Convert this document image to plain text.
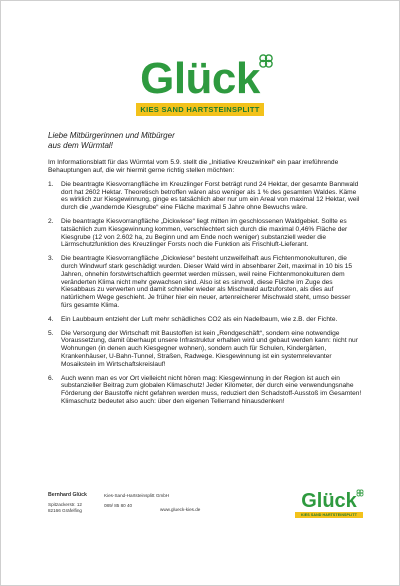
Glück
KIES SAND HARTSTEINSPLITT
Liebe Mitbürgerinnen und Mitbürger
aus dem Würmtal!
Im Informationsblatt für das Würmtal vom 5.9. stellt die „Initiative Kreuzwinkel“ ein paar irreführende Behauptungen auf, die wir hiermit gerne richtig stellen möchten:
1. Die beantragte Kiesvorrangfläche im Kreuzlinger Forst beträgt rund 24 Hektar, der gesamte Bannwald dort hat 2602 Hektar. Theoretisch betroffen wären also weniger als 1 % des gesamten Waldes. Käme es wirklich zur Kiesgewinnung, ginge es tatsächlich aber nur um ein Areal von maximal 12 Hektar, weil durch die „wandernde Kiesgrube“ eine Fläche maximal 5 Jahre ohne Bewuchs wäre.
2. Die beantragte Kiesvorrangfläche „Dickwiese“ liegt mitten im geschlossenen Waldgebiet. Sollte es tatsächlich zum Kiesgewinnung kommen, verschlechtert sich durch die maximal 0,46% Fläche der Kiesgrube (12 von 2.602 ha, zu Beginn und am Ende noch weniger) substanziell weder die Lärmschutzfunktion des Kreuzlinger Forsts noch die Funktion als Frischluft-Lieferant.
3. Die beantragte Kiesvorrangfläche „Dickwiese“ besteht unzweifelhaft aus Fichtenmonokulturen, die durch Windwurf stark geschädigt wurden. Dieser Wald wird in absehbarer Zeit, maximal in 10 bis 15 Jahren, ohnehin forstwirtschaftlich geerntet werden müssen, weil reine Fichtenmonokulturen dem veränderten Klima nicht mehr gewachsen sind. Also ist es sinnvoll, diese Fläche im Zuge des Kiesabbaus zu verwerten und damit schneller wieder als Mischwald aufzuforsten, als dies auf natürlichem Wege geschieht. Je früher hier ein neuer, artenreicherer Mischwald steht, umso besser fürs gesamte Klima.
4. Ein Laubbaum entzieht der Luft mehr schädliches CO2 als ein Nadelbaum, wie z.B. der Fichte.
5. Die Versorgung der Wirtschaft mit Baustoffen ist kein „Rendgeschäft“, sondern eine notwendige Voraussetzung, damit überhaupt unsere Infrastruktur erhalten wird und gebaut werden kann: nicht nur Wohnungen (in denen auch Kiesgegner wohnen), sondern auch für Schulen, Kindergärten, Krankenhäuser, U-Bahn-Tunnel, Straßen, Radwege. Kiesgewinnung ist ein systemrelevanter Mosaikstein im Wirtschaftskreislauf!
6. Auch wenn man es vor Ort vielleicht nicht hören mag: Kiesgewinnung in der Region ist auch ein substanzieller Beitrag zum globalen Klimaschutz! Jeder Kilometer, der durch eine verwendungsnahe Förderung der Baustoffe nicht gefahren werden muss, reduziert den Schadstoff-Ausstoß im Gesamten! Klimaschutz bedeutet also auch: über den eigenen Tellerrand hinausdenken!
Bernhard Glück
Spitzackerstr. 12
82166 Gräfelfing
Kies-Sand-Hartsteinsplitt GmbH
089/ 85 80 40
www.glueck-kies.de	Glück
KIES SAND HARTSTEINSPLITT
